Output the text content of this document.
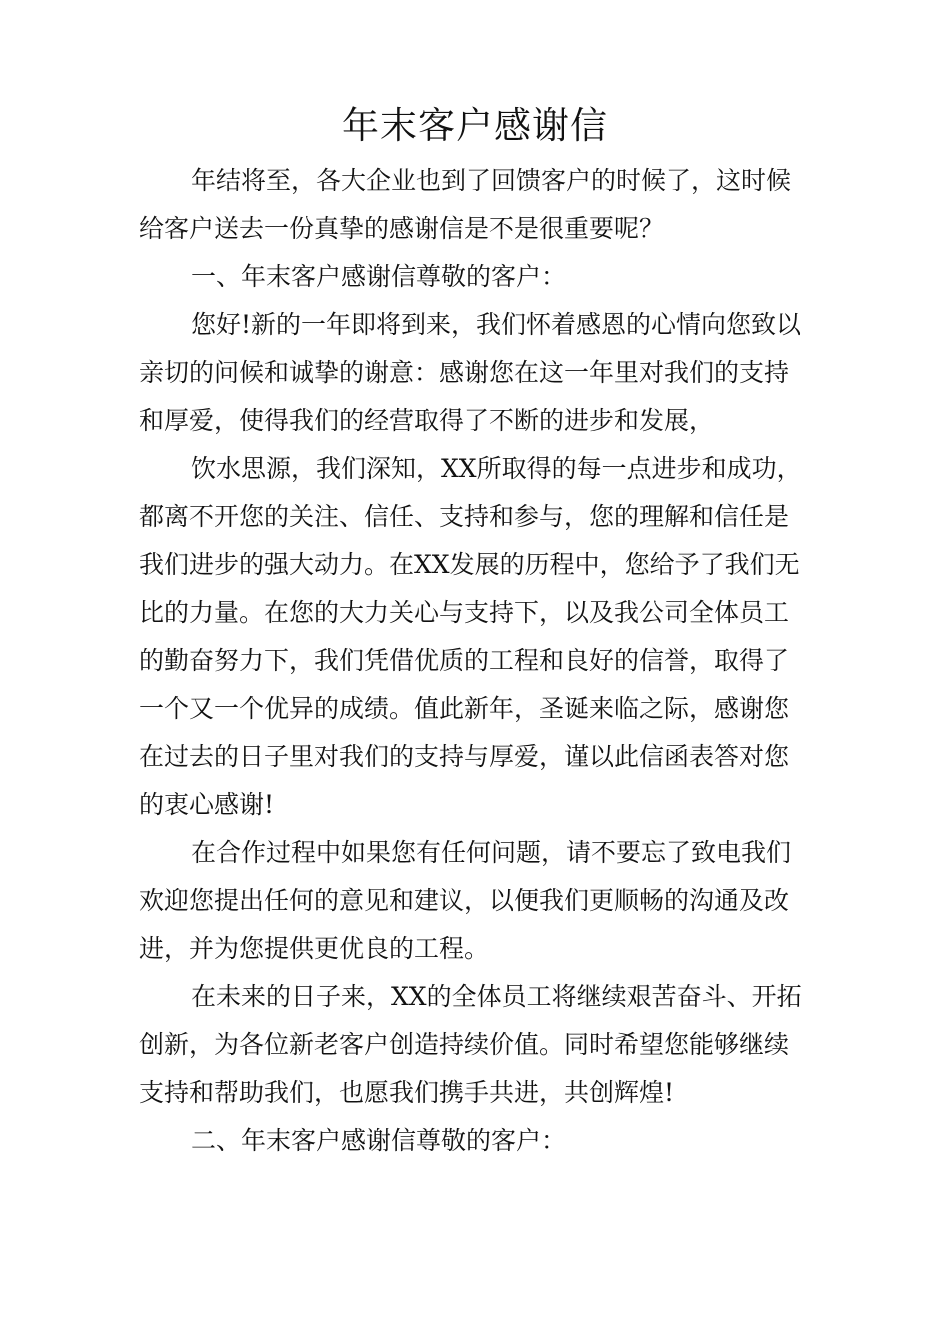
年末客户感谢信
年结将至，各大企业也到了回馈客户的时候了，这时候
给客户送去一份真挚的感谢信是不是很重要呢？
一、年末客户感谢信尊敬的客户：
您好!新的一年即将到来，我们怀着感恩的心情向您致以
亲切的问候和诚挚的谢意：感谢您在这一年里对我们的支持
和厚爱，使得我们的经营取得了不断的进步和发展，
饮水思源，我们深知，XX所取得的每一点进步和成功，
都离不开您的关注、信任、支持和参与，您的理解和信任是
我们进步的强大动力。在XX发展的历程中，您给予了我们无
比的力量。在您的大力关心与支持下，以及我公司全体员工
的勤奋努力下，我们凭借优质的工程和良好的信誉，取得了
一个又一个优异的成绩。值此新年，圣诞来临之际，感谢您
在过去的日子里对我们的支持与厚爱，谨以此信函表答对您
的衷心感谢!
在合作过程中如果您有任何问题，请不要忘了致电我们
欢迎您提出任何的意见和建议，以便我们更顺畅的沟通及改
进，并为您提供更优良的工程。
在未来的日子来，XX的全体员工将继续艰苦奋斗、开拓
创新，为各位新老客户创造持续价值。同时希望您能够继续
支持和帮助我们，也愿我们携手共进，共创辉煌!
二、年末客户感谢信尊敬的客户：
